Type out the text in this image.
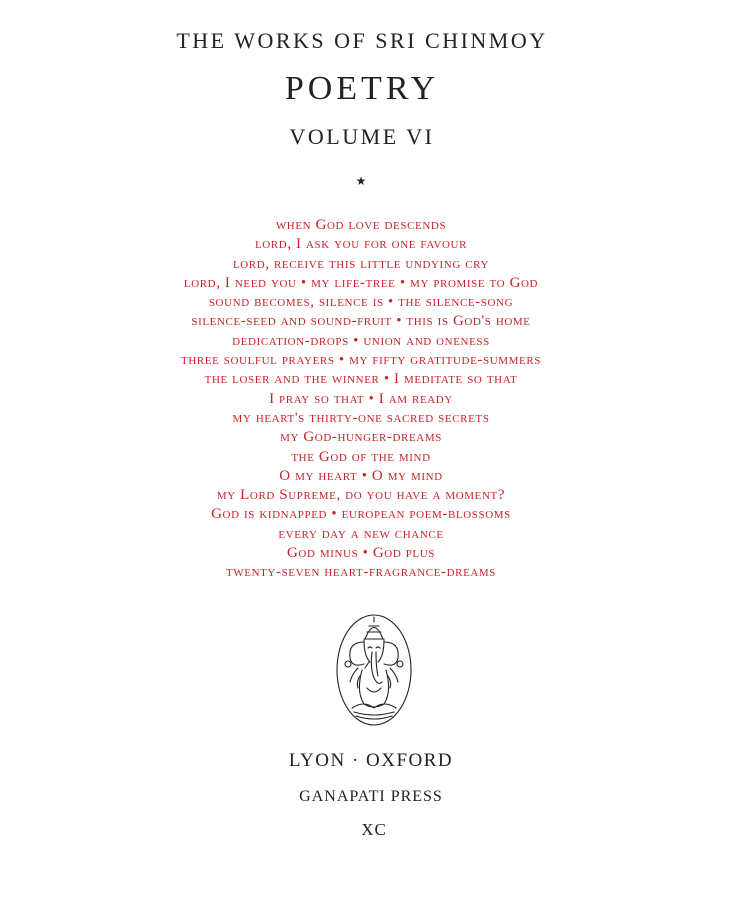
THE WORKS OF SRI CHINMOY
POETRY
VOLUME VI
★
when God love descends
lord, I ask you for one favour
lord, receive this little undying cry
lord, I need you • my life-tree • my promise to God
sound becomes, silence is • the silence-song
silence-seed and sound-fruit • this is God's home
dedication-drops • union and oneness
three soulful prayers • my fifty gratitude-summers
the loser and the winner • I meditate so that
I pray so that • I am ready
my heart's thirty-one sacred secrets
my God-hunger-dreams
the God of the mind
O my heart • O my mind
my Lord Supreme, do you have a moment?
God is kidnapped • european poem-blossoms
every day a new chance
God minus • God plus
twenty-seven heart-fragrance-dreams
LYON · OXFORD
GANAPATI PRESS
XC
